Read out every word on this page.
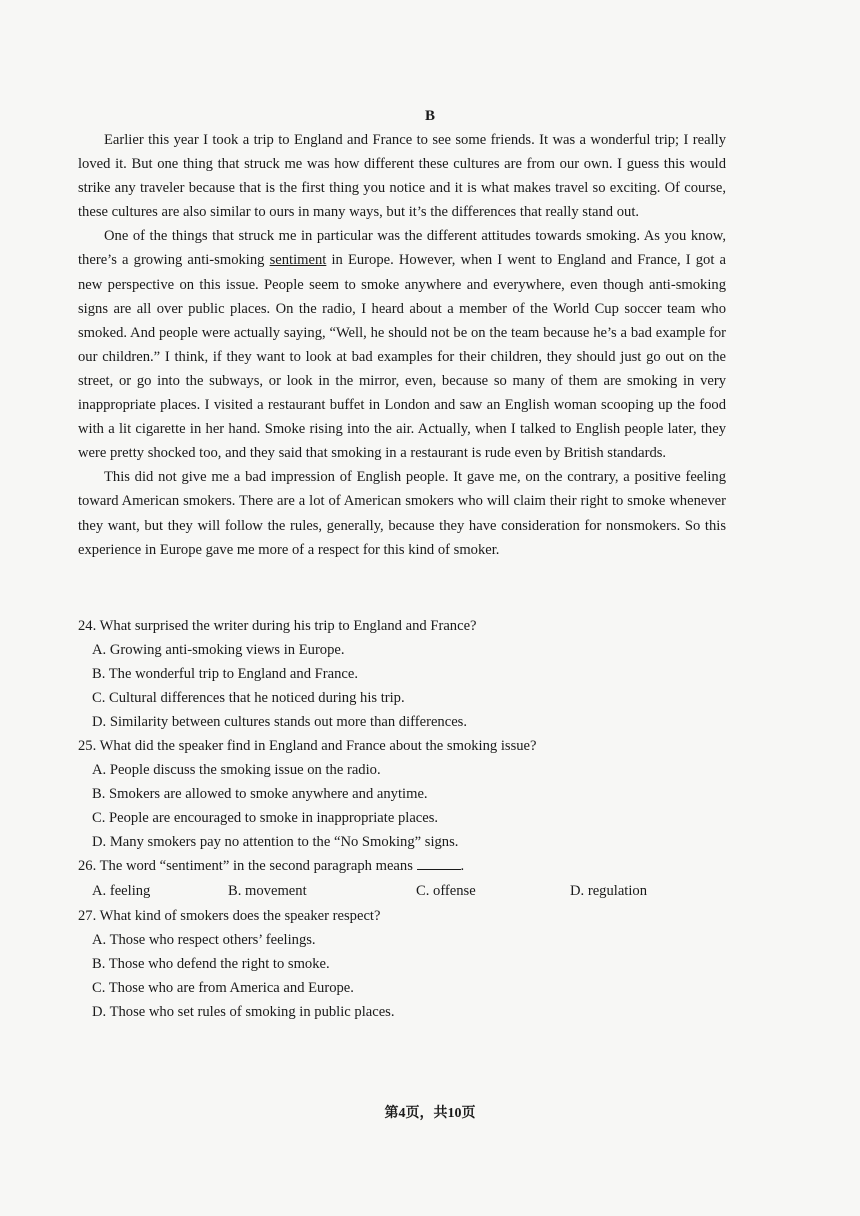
B

Earlier this year I took a trip to England and France to see some friends. It was a wonderful trip; I really loved it. But one thing that struck me was how different these cultures are from our own. I guess this would strike any traveler because that is the first thing you notice and it is what makes travel so exciting. Of course, these cultures are also similar to ours in many ways, but it’s the differences that really stand out.

One of the things that struck me in particular was the different attitudes towards smoking. As you know, there’s a growing anti-smoking sentiment in Europe. However, when I went to England and France, I got a new perspective on this issue. People seem to smoke anywhere and everywhere, even though anti-smoking signs are all over public places. On the radio, I heard about a member of the World Cup soccer team who smoked. And people were actually saying, “Well, he should not be on the team because he’s a bad example for our children.” I think, if they want to look at bad examples for their children, they should just go out on the street, or go into the subways, or look in the mirror, even, because so many of them are smoking in very inappropriate places. I visited a restaurant buffet in London and saw an English woman scooping up the food with a lit cigarette in her hand. Smoke rising into the air. Actually, when I talked to English people later, they were pretty shocked too, and they said that smoking in a restaurant is rude even by British standards.

This did not give me a bad impression of English people. It gave me, on the contrary, a positive feeling toward American smokers. There are a lot of American smokers who will claim their right to smoke whenever they want, but they will follow the rules, generally, because they have consideration for nonsmokers. So this experience in Europe gave me more of a respect for this kind of smoker.

24. What surprised the writer during his trip to England and France?

A. Growing anti-smoking views in Europe.

B. The wonderful trip to England and France.

C. Cultural differences that he noticed during his trip.

D. Similarity between cultures stands out more than differences.

25. What did the speaker find in England and France about the smoking issue?

A. People discuss the smoking issue on the radio.

B. Smokers are allowed to smoke anywhere and anytime.

C. People are encouraged to smoke in inappropriate places.

D. Many smokers pay no attention to the “No Smoking” signs.

26. The word “sentiment” in the second paragraph means	.

A. feeling	B. movement	C. offense	D. regulation

27. What kind of smokers does the speaker respect?

A. Those who respect others’ feelings.

B. Those who defend the right to smoke.

C. Those who are from America and Europe.

D. Those who set rules of smoking in public places.

第4页，共10页
